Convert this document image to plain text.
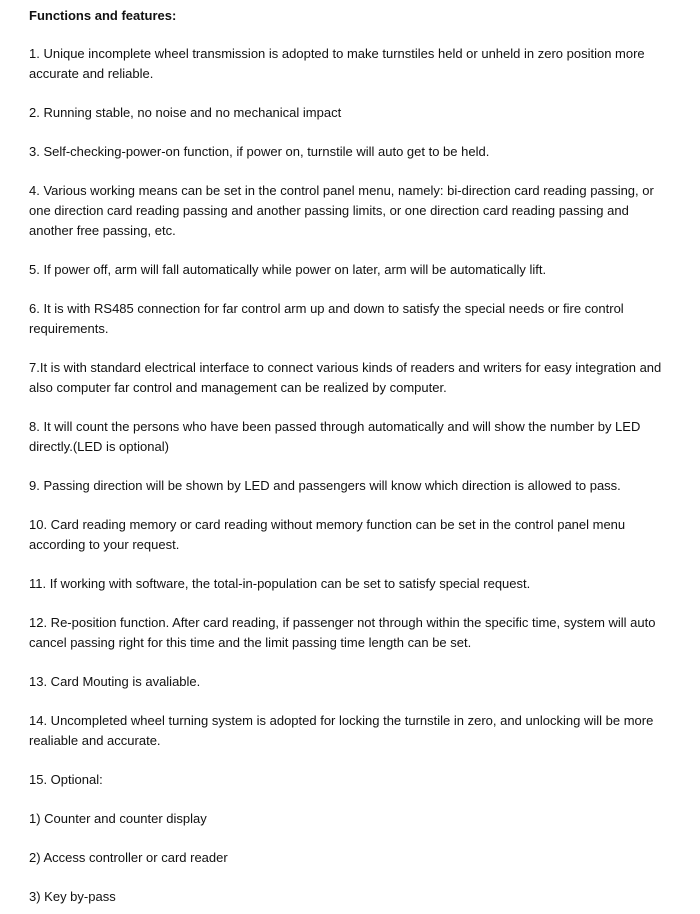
Functions and features:
1. Unique incomplete wheel transmission is adopted to make turnstiles held or unheld in zero position more accurate and reliable.
2. Running stable, no noise and no mechanical impact
3. Self-checking-power-on function, if power on, turnstile will auto get to be held.
4. Various working means can be set in the control panel menu, namely: bi-direction card reading passing, or one direction card reading passing and another passing limits, or one direction card reading passing and another free passing, etc.
5. If power off, arm will fall automatically while power on later, arm will be automatically lift.
6. It is with RS485 connection for far control arm up and down to satisfy the special needs or fire control requirements.
7.It is with standard electrical interface to connect various kinds of readers and writers for easy integration and also computer far control and management can be realized by computer.
8. It will count the persons who have been passed through automatically and will show the number by LED directly.(LED is optional)
9. Passing direction will be shown by LED and passengers will know which direction is allowed to pass.
10. Card reading memory or card reading without memory function can be set in the control panel menu according to your request.
11. If working with software, the total-in-population can be set to satisfy special request.
12. Re-position function. After card reading, if passenger not through within the specific time, system will auto cancel passing right for this time and the limit passing time length can be set.
13. Card Mouting is avaliable.
14. Uncompleted wheel turning system is adopted for locking the turnstile in zero, and unlocking will be more realiable and accurate.
15. Optional:
1) Counter and counter display
2) Access controller or card reader
3) Key by-pass
